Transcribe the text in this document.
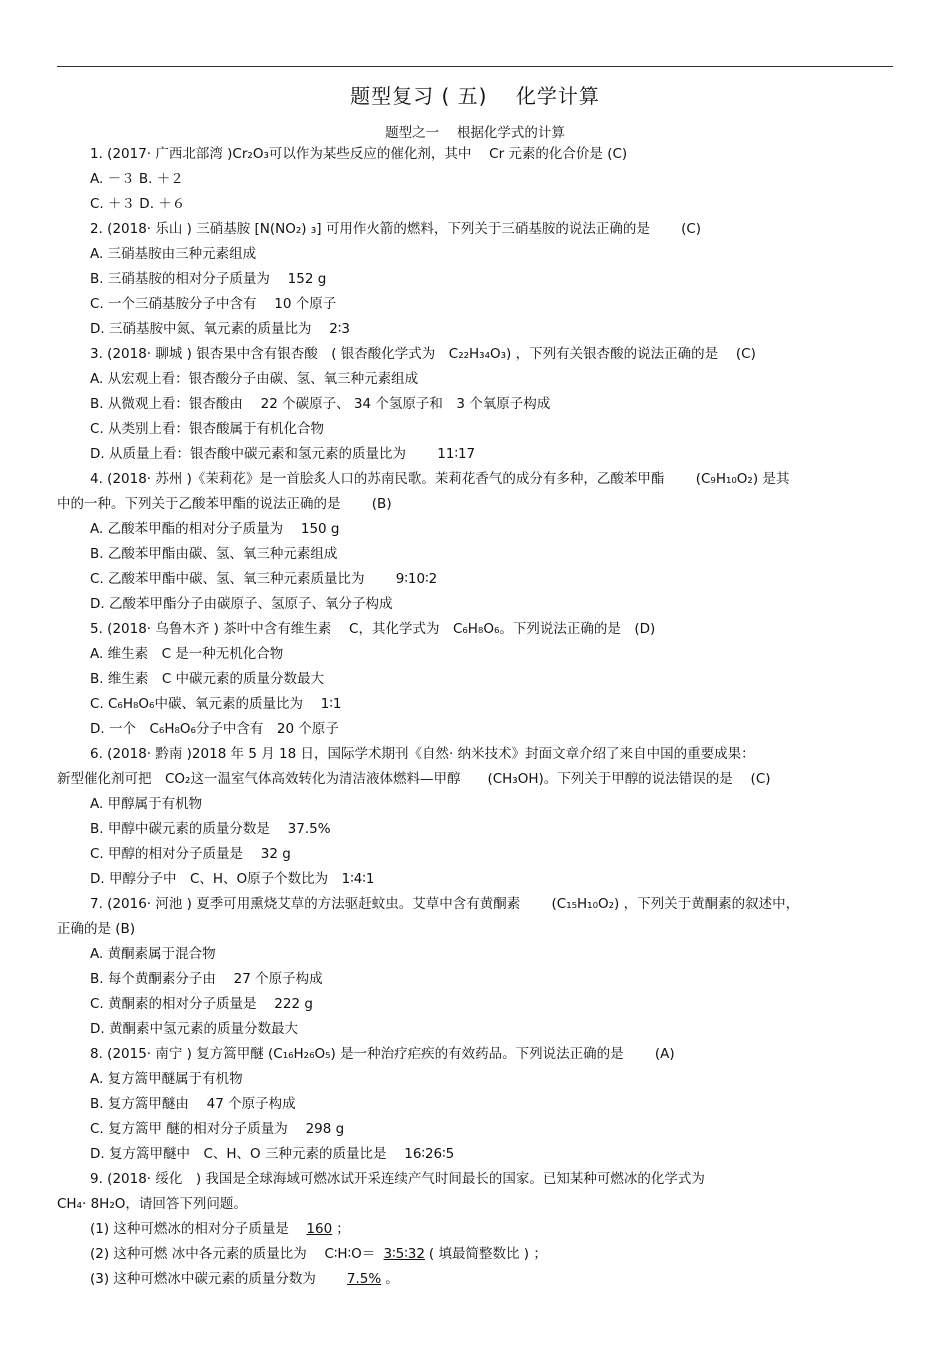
题型复习 ( 五)　 化学计算
题型之一　 根据化学式的计算
1. (2017· 广西北部湾 )Cr₂O₃可以作为某些反应的催化剂，其中　 Cr 元素的化合价是 (C)
A. －３ B. ＋２
C. ＋３ D. ＋６
2. (2018· 乐山 ) 三硝基胺 [N(NO₂) ₃] 可用作火箭的燃料，下列关于三硝基胺的说法正确的是　　 (C)
A. 三硝基胺由三种元素组成
B. 三硝基胺的相对分子质量为　 152 g
C. 一个三硝基胺分子中含有　 10 个原子
D. 三硝基胺中氮、氧元素的质量比为　 2∶3
3. (2018· 聊城 ) 银杏果中含有银杏酸　( 银杏酸化学式为　C₂₂H₃₄O₃) ，下列有关银杏酸的说法正确的是　 (C)
A. 从宏观上看：银杏酸分子由碳、氢、氧三种元素组成
B. 从微观上看：银杏酸由　 22 个碳原子、 34 个氢原子和　3 个氧原子构成
C. 从类别上看：银杏酸属于有机化合物
D. 从质量上看：银杏酸中碳元素和氢元素的质量比为　　 11∶17
4. (2018· 苏州 )《茉莉花》是一首脍炙人口的苏南民歌。茉莉花香气的成分有多种，乙酸苯甲酯　　 (C₉H₁₀O₂) 是其
中的一种。下列关于乙酸苯甲酯的说法正确的是　　 (B)
A. 乙酸苯甲酯的相对分子质量为　 150 g
B. 乙酸苯甲酯由碳、氢、氧三种元素组成
C. 乙酸苯甲酯中碳、氢、氧三种元素质量比为　　 9∶10∶2
D. 乙酸苯甲酯分子由碳原子、氢原子、氧分子构成
5. (2018· 乌鲁木齐 ) 茶叶中含有维生素　 C，其化学式为　C₆H₈O₆。下列说法正确的是　(D)
A. 维生素　C 是一种无机化合物
B. 维生素　C 中碳元素的质量分数最大
C. C₆H₈O₆中碳、氧元素的质量比为　 1∶1
D. 一个　C₆H₈O₆分子中含有　20 个原子
6. (2018· 黔南 )2018 年 5 月 18 日，国际学术期刊《自然· 纳米技术》封面文章介绍了来自中国的重要成果：
新型催化剂可把　CO₂这一温室气体高效转化为清洁液体燃料—甲醇　　(CH₃OH)。下列关于甲醇的说法错误的是　 (C)
A. 甲醇属于有机物
B. 甲醇中碳元素的质量分数是　 37.5%
C. 甲醇的相对分子质量是　 32 g
D. 甲醇分子中　C、H、O原子个数比为　1∶4∶1
7. (2016· 河池 ) 夏季可用熏烧艾草的方法驱赶蚊虫。艾草中含有黄酮素　　 (C₁₅H₁₀O₂) ，下列关于黄酮素的叙述中，
正确的是 (B)
A. 黄酮素属于混合物
B. 每个黄酮素分子由　 27 个原子构成
C. 黄酮素的相对分子质量是　 222 g
D. 黄酮素中氢元素的质量分数最大
8. (2015· 南宁 ) 复方篙甲醚 (C₁₆H₂₆O₅) 是一种治疗疟疾的有效药品。下列说法正确的是　　 (A)
A. 复方篙甲醚属于有机物
B. 复方篙甲醚由　 47 个原子构成
C. 复方篙甲 醚的相对分子质量为　 298 g
D. 复方篙甲醚中　C、H、O 三种元素的质量比是　 16∶26∶5
9. (2018· 绥化　) 我国是全球海域可燃冰试开采连续产气时间最长的国家。已知某种可燃冰的化学式为
CH₄· 8H₂O，请回答下列问题。
(1) 这种可燃冰的相对分子质量是　160 ；
(2) 这种可燃 冰中各元素的质量比为　 C∶H∶O＝ 3∶5∶32 ( 填最简整数比 ) ；
(3) 这种可燃冰中碳元素的质量分数为　　7.5% 。
